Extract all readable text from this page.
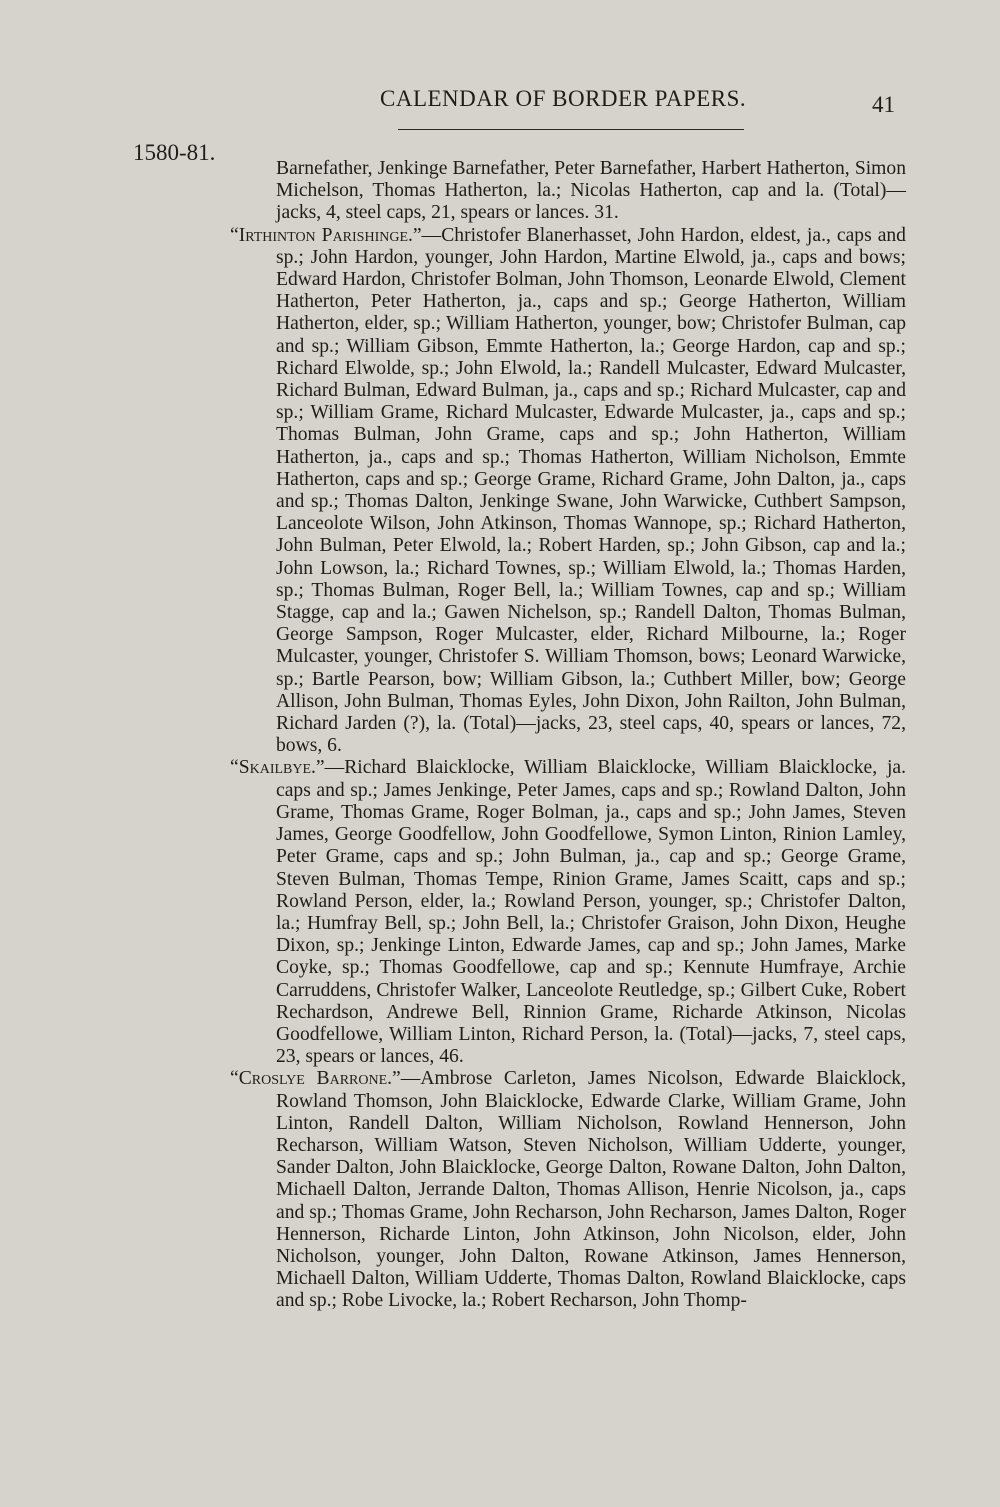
CALENDAR OF BORDER PAPERS.	41
1580-81.

Barnefather, Jenkinge Barnefather, Peter Barnefather, Harbert Hatherton, Simon Michelson, Thomas Hatherton, la.; Nicolas Hatherton, cap and la. (Total)—jacks, 4, steel caps, 21, spears or lances. 31.

“Irthinton Parishinge.”—Christofer Blanerhasset, John Hardon, eldest, ja., caps and sp.; John Hardon, younger, John Hardon, Martine Elwold, ja., caps and bows; Edward Hardon, Christofer Bolman, John Thomson, Leonarde Elwold, Clement Hatherton, Peter Hatherton, ja., caps and sp.; George Hatherton, William Hatherton, elder, sp.; William Hatherton, younger, bow; Christofer Bulman, cap and sp.; William Gibson, Emmte Hatherton, la.; George Hardon, cap and sp.; Richard Elwolde, sp.; John Elwold, la.; Randell Mulcaster, Edward Mulcaster, Richard Bulman, Edward Bulman, ja., caps and sp.; Richard Mulcaster, cap and sp.; William Grame, Richard Mulcaster, Edwarde Mulcaster, ja., caps and sp.; Thomas Bulman, John Grame, caps and sp.; John Hatherton, William Hatherton, ja., caps and sp.; Thomas Hatherton, William Nicholson, Emmte Hatherton, caps and sp.; George Grame, Richard Grame, John Dalton, ja., caps and sp.; Thomas Dalton, Jenkinge Swane, John Warwicke, Cuthbert Sampson, Lanceolote Wilson, John Atkinson, Thomas Wannope, sp.; Richard Hatherton, John Bulman, Peter Elwold, la.; Robert Harden, sp.; John Gibson, cap and la.; John Lowson, la.; Richard Townes, sp.; William Elwold, la.; Thomas Harden, sp.; Thomas Bulman, Roger Bell, la.; William Townes, cap and sp.; William Stagge, cap and la.; Gawen Nichelson, sp.; Randell Dalton, Thomas Bulman, George Sampson, Roger Mulcaster, elder, Richard Milbourne, la.; Roger Mulcaster, younger, Christofer S. William Thomson, bows; Leonard Warwicke, sp.; Bartle Pearson, bow; William Gibson, la.; Cuthbert Miller, bow; George Allison, John Bulman, Thomas Eyles, John Dixon, John Railton, John Bulman, Richard Jarden (?), la. (Total)—jacks, 23, steel caps, 40, spears or lances, 72, bows, 6.

“Skailbye.”—Richard Blaicklocke, William Blaicklocke, William Blaicklocke, ja. caps and sp.; James Jenkinge, Peter James, caps and sp.; Rowland Dalton, John Grame, Thomas Grame, Roger Bolman, ja., caps and sp.; John James, Steven James, George Goodfellow, John Goodfellowe, Symon Linton, Rinion Lamley, Peter Grame, caps and sp.; John Bulman, ja., cap and sp.; George Grame, Steven Bulman, Thomas Tempe, Rinion Grame, James Scaitt, caps and sp.; Rowland Person, elder, la.; Rowland Person, younger, sp.; Christofer Dalton, la.; Humfray Bell, sp.; John Bell, la.; Christofer Graison, John Dixon, Heughe Dixon, sp.; Jenkinge Linton, Edwarde James, cap and sp.; John James, Marke Coyke, sp.; Thomas Goodfellowe, cap and sp.; Kennute Humfraye, Archie Carruddens, Christofer Walker, Lanceolote Reutledge, sp.; Gilbert Cuke, Robert Rechardson, Andrewe Bell, Rinnion Grame, Richarde Atkinson, Nicolas Goodfellowe, William Linton, Richard Person, la. (Total)—jacks, 7, steel caps, 23, spears or lances, 46.

“Croslye Barrone.”—Ambrose Carleton, James Nicolson, Edwarde Blaicklock, Rowland Thomson, John Blaicklocke, Edwarde Clarke, William Grame, John Linton, Randell Dalton, William Nicholson, Rowland Hennerson, John Recharson, William Watson, Steven Nicholson, William Udderte, younger, Sander Dalton, John Blaicklocke, George Dalton, Rowane Dalton, John Dalton, Michaell Dalton, Jerrande Dalton, Thomas Allison, Henrie Nicolson, ja., caps and sp.; Thomas Grame, John Recharson, John Recharson, James Dalton, Roger Hennerson, Richarde Linton, John Atkinson, John Nicolson, elder, John Nicholson, younger, John Dalton, Rowane Atkinson, James Hennerson, Michaell Dalton, William Udderte, Thomas Dalton, Rowland Blaicklocke, caps and sp.; Robe Livocke, la.; Robert Recharson, John Thomp-
